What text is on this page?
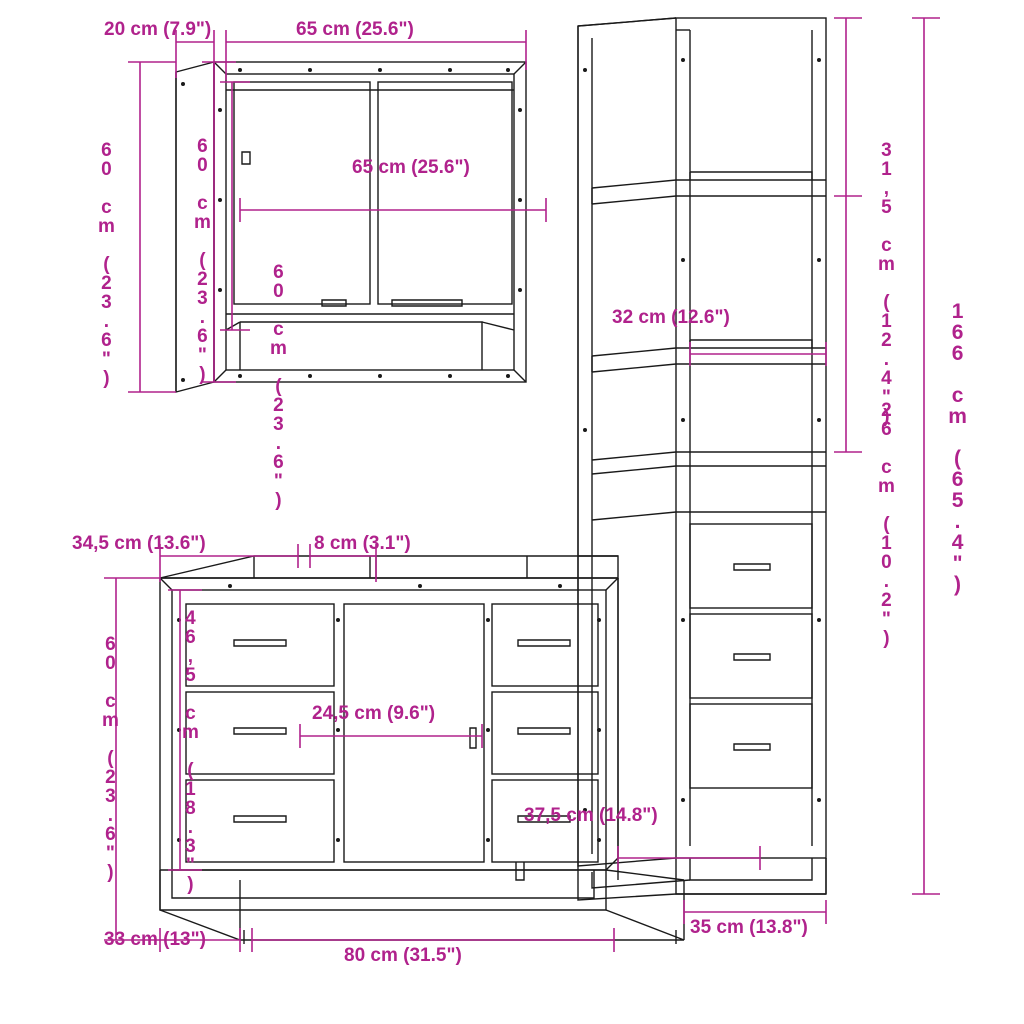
20 cm (7.9")	65 cm (25.6")
60 cm (23.6")	60 cm (23.6")	65 cm (25.6")
60 cm (23.6")	166 cm (65.4")
31,5 cm (12.4")
26 cm (10.2")
32 cm (12.6")
35 cm (13.8")
34,5 cm (13.6")	8 cm (3.1")
60 cm (23.6")	46,5 cm (18.3")	24,5 cm (9.6")
33 cm (13")
80 cm (31.5")
37,5 cm (14.8")
